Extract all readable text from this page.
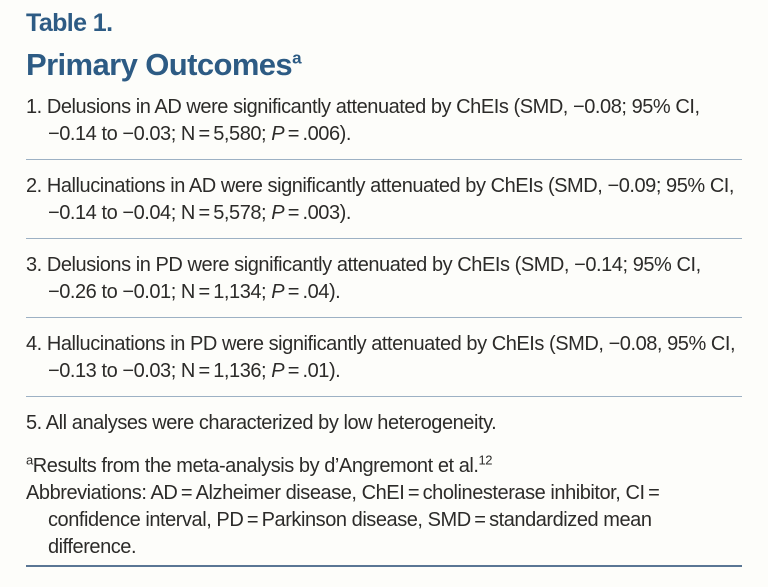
Table 1.
Primary Outcomes$^a$

1. Delusions in AD were significantly attenuated by ChEIs (SMD, −0.08; 95% CI, −0.14 to −0.03; N = 5,580; P = .006).

2. Hallucinations in AD were significantly attenuated by ChEIs (SMD, −0.09; 95% CI, −0.14 to −0.04; N = 5,578; P = .003).

3. Delusions in PD were significantly attenuated by ChEIs (SMD, −0.14; 95% CI, −0.26 to −0.01; N = 1,134; P = .04).

4. Hallucinations in PD were significantly attenuated by ChEIs (SMD, −0.08, 95% CI, −0.13 to −0.03; N = 1,136; P = .01).

5. All analyses were characterized by low heterogeneity.

$^a$Results from the meta-analysis by d’Angremont et al.$^{12}$

Abbreviations: AD = Alzheimer disease, ChEI = cholinesterase inhibitor, CI = confidence interval, PD = Parkinson disease, SMD = standardized mean difference.
